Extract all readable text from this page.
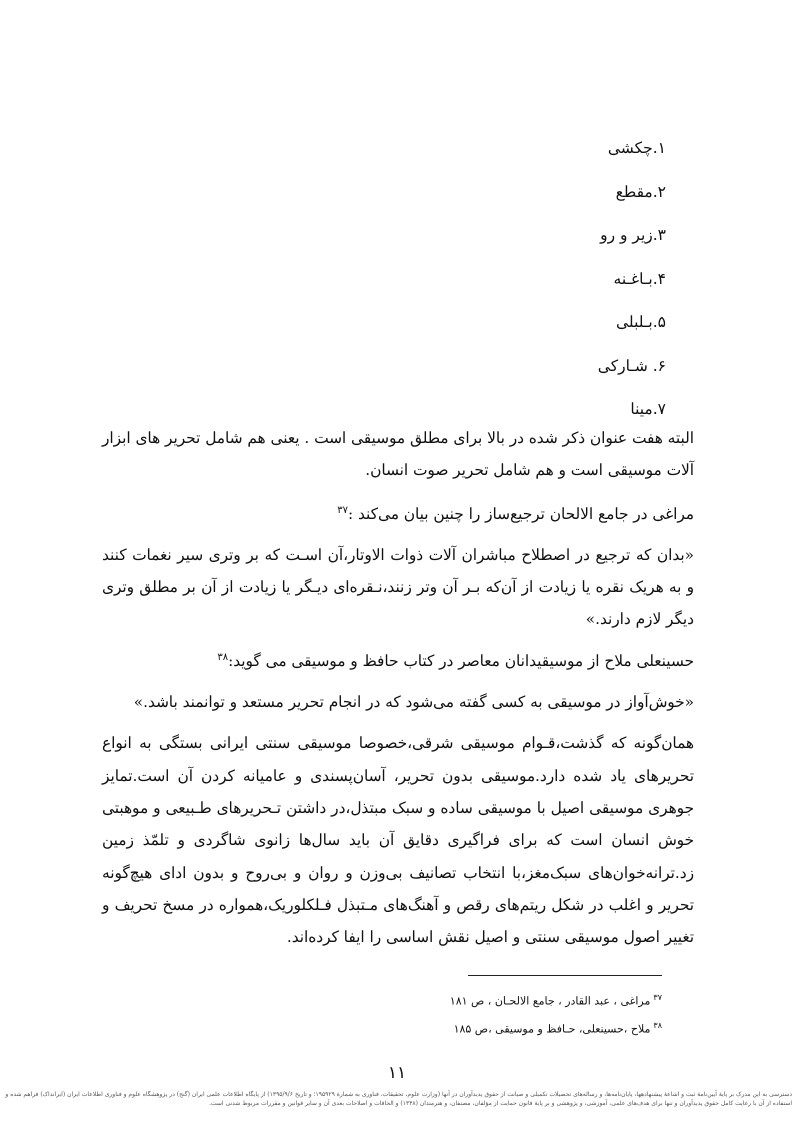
۱.چکشی
۲.مقطع
۳.زیر و رو
۴.بـاغـنه
۵.بـلبلی
۶. شـارکی
۷.مینا

البته هفت عنوان ذکر شده در بالا برای مطلق موسیقی است . یعنی هم شامل تحریر های ابزار آلات موسیقی است و هم شامل تحریر صوت انسان.

مراغی در جامع الالحان ترجیع‌ساز را چنین بیان می‌کند :$^{۳۷}$

«بدان که ترجیع در اصطلاح مباشران آلات ذوات الاوتار،آن اسـت که بر وتری سیر نغمات کنند و به هریک نقره یا زیادت از آن‌که بـر آن وتر زنند،نـقره‌ای دیـگر یا زیادت از آن بر مطلق وتری دیگر لازم دارند.»

حسینعلی ملاح از موسیقیدانان معاصر در کتاب حافظ و موسیقی می گوید:$^{۳۸}$

«خوش‌آواز در موسیقی به کسی گفته می‌شود که در انجام تحریر مستعد و توانمند باشد.»

همان‌گونه که گذشت،قـوام موسیقی شرقی،خصوصا موسیقی سنتی ایرانی بستگی به انواع تحریرهای یاد شده دارد.موسیقی بدون تحریر، آسان‌پسندی و عامیانه کردن آن است.تمایز جوهری موسیقی اصیل با موسیقی ساده و سبک مبتذل،در داشتن تـحریرهای طـبیعی و موهبتی خوش انسان است که برای فراگیری دقایق آن باید سال‌ها زانوی شاگردی و تلمّذ زمین زد.ترانه‌خوان‌های سبک‌مغز،با انتخاب تصانیف بی‌وزن و روان و بی‌روح و بدون ادای هیچ‌گونه تحریر و اغلب در شکل ریتم‌های رقص و آهنگ‌های مـتبذل فـلکلوریک،همواره در مسخ تحریف و تغییر اصول موسیقی سنتی و اصیل نقش اساسی را ایفا کرده‌اند.

$^{۳۷}$مراغی ، عبد القادر ، جامع الالحـان ، ص ۱۸۱
$^{۳۸}$ملاح ،حسینعلی، حـافظ و موسیقی ،ص ۱۸۵
۱۱
دسترسی به این مدرک بر پایهٔ آیین‌نامهٔ ثبت و اشاعهٔ پیشنهادهها، پایان‌نامه‌ها، و رساله‌های تحصیلات تکمیلی و صیانت از حقوق پدیدآوران در آنها (وزارت علوم، تحقیقات، فناوری به شمارهٔ ۱۹۵۹۲۹؛ و تاریخ ۱۳۹۵/۹/۶) از پایگاه اطلاعات علمی ایران (گنج) در پژوهشگاه علوم و فناوری اطلاعات ایران (ایرانداک) فراهم شده و استفاده از آن با رعایت کامل حقوق پدیدآوران و تنها برای هدف‌های علمی، آموزشی، و پژوهشی و بر پایهٔ قانون حمایت از مؤلفان، مصنفان، و هنرمندان (۱۳۴۸) و الحاقات و اصلاحات بعدی آن و سایر قوانین و مقررات مربوط شدنی است.
